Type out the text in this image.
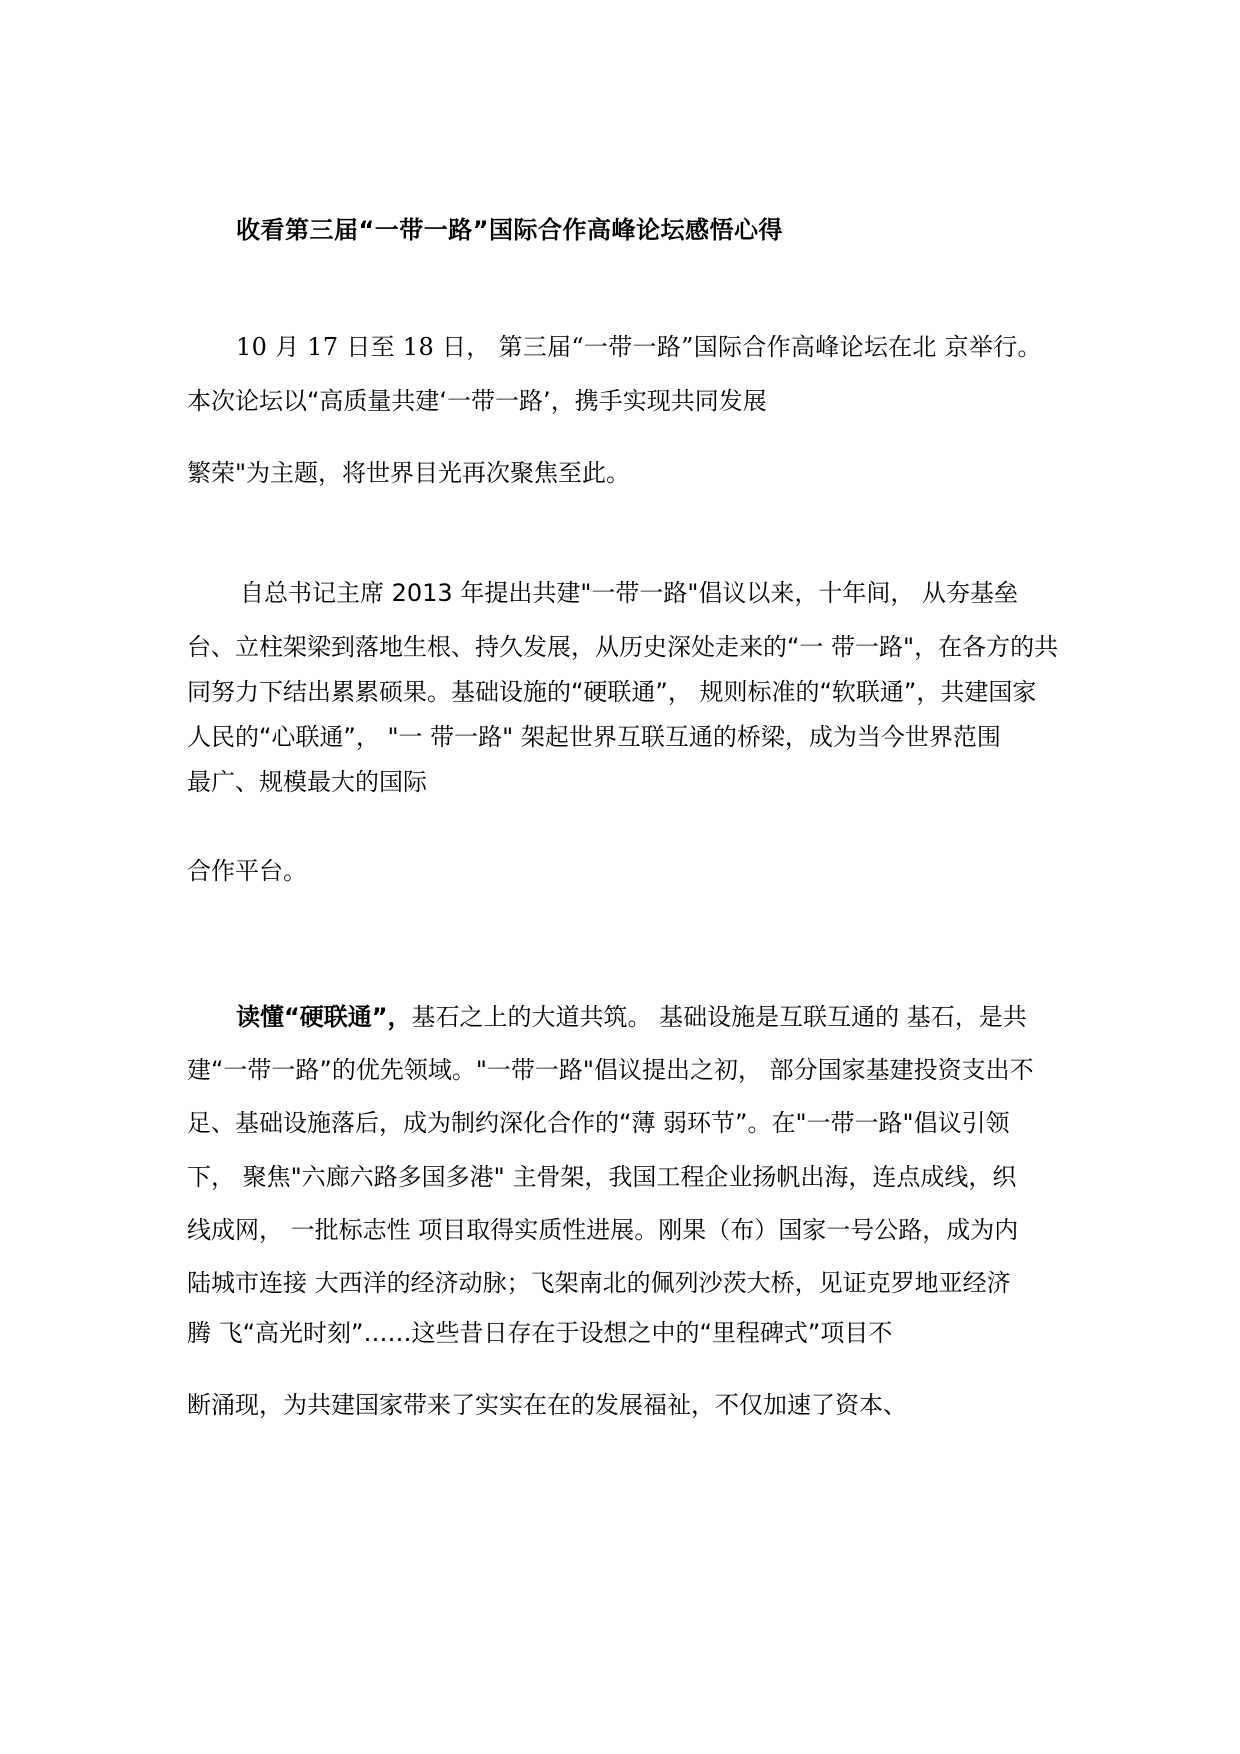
收看第三届“一带一路”国际合作高峰论坛感悟心得
10 月 17 日至 18 日， 第三届“一带一路”国际合作高峰论坛在北 京举行。
本次论坛以“高质量共建‘一带一路’，携手实现共同发展
繁荣"为主题，将世界目光再次聚焦至此。
自总书记主席 2013 年提出共建"一带一路"倡议以来，十年间， 从夯基垒
台、立柱架梁到落地生根、持久发展，从历史深处走来的“一 带一路"，在各方的共
同努力下结出累累硕果。基础设施的“硬联通”， 规则标准的“软联通”，共建国家
人民的“心联通”， "一 带一路" 架起世界互联互通的桥梁，成为当今世界范围
最广、规模最大的国际
合作平台。
读懂“硬联通”，基石之上的大道共筑。 基础设施是互联互通的 基石，是共
建“一带一路”的优先领域。"一带一路"倡议提出之初， 部分国家基建投资支出不
足、基础设施落后，成为制约深化合作的“薄 弱环节”。在"一带一路"倡议引领
下， 聚焦"六廊六路多国多港" 主骨架，我国工程企业扬帆出海，连点成线，织
线成网， 一批标志性 项目取得实质性进展。刚果（布）国家一号公路，成为内
陆城市连接 大西洋的经济动脉；飞架南北的佩列沙茨大桥，见证克罗地亚经济
腾 飞“高光时刻”……这些昔日存在于设想之中的“里程碑式”项目不
断涌现，为共建国家带来了实实在在的发展福祉，不仅加速了资本、
